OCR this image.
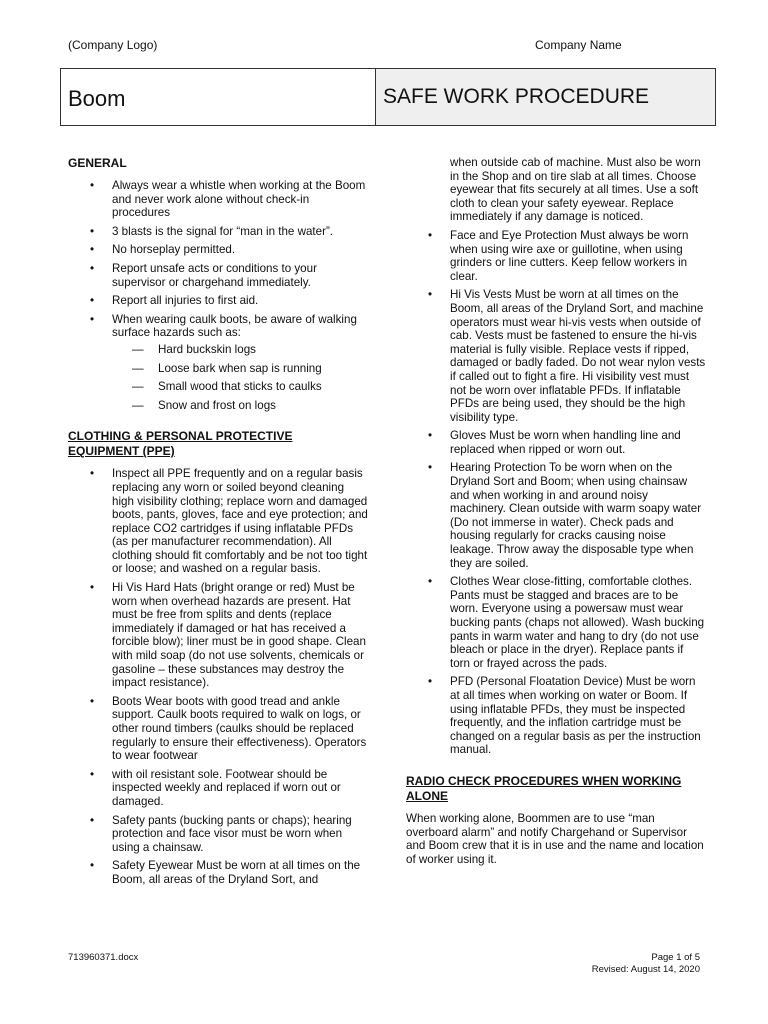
(Company Logo)	Company Name
Boom	SAFE WORK PROCEDURE
GENERAL
• Always wear a whistle when working at the Boom and never work alone without check-in procedures
• 3 blasts is the signal for “man in the water”.
• No horseplay permitted.
• Report unsafe acts or conditions to your supervisor or chargehand immediately.
• Report all injuries to first aid.
• When wearing caulk boots, be aware of walking surface hazards such as:
— Hard buckskin logs
— Loose bark when sap is running
— Small wood that sticks to caulks
— Snow and frost on logs
CLOTHING & PERSONAL PROTECTIVE EQUIPMENT (PPE)
• Inspect all PPE frequently and on a regular basis replacing any worn or soiled beyond cleaning high visibility clothing; replace worn and damaged boots, pants, gloves, face and eye protection; and replace CO2 cartridges if using inflatable PFDs (as per manufacturer recommendation). All clothing should fit comfortably and be not too tight or loose; and washed on a regular basis.
• Hi Vis Hard Hats (bright orange or red) Must be worn when overhead hazards are present. Hat must be free from splits and dents (replace immediately if damaged or hat has received a forcible blow); liner must be in good shape. Clean with mild soap (do not use solvents, chemicals or gasoline – these substances may destroy the impact resistance).
• Boots Wear boots with good tread and ankle support. Caulk boots required to walk on logs, or other round timbers (caulks should be replaced regularly to ensure their effectiveness). Operators to wear footwear
• with oil resistant sole. Footwear should be inspected weekly and replaced if worn out or damaged.
• Safety pants (bucking pants or chaps); hearing protection and face visor must be worn when using a chainsaw.
• Safety Eyewear Must be worn at all times on the Boom, all areas of the Dryland Sort, and
when outside cab of machine. Must also be worn in the Shop and on tire slab at all times. Choose eyewear that fits securely at all times. Use a soft cloth to clean your safety eyewear. Replace immediately if any damage is noticed.
• Face and Eye Protection Must always be worn when using wire axe or guillotine, when using grinders or line cutters. Keep fellow workers in clear.
• Hi Vis Vests Must be worn at all times on the Boom, all areas of the Dryland Sort, and machine operators must wear hi-vis vests when outside of cab. Vests must be fastened to ensure the hi-vis material is fully visible. Replace vests if ripped, damaged or badly faded. Do not wear nylon vests if called out to fight a fire. Hi visibility vest must not be worn over inflatable PFDs. If inflatable PFDs are being used, they should be the high visibility type.
• Gloves Must be worn when handling line and replaced when ripped or worn out.
• Hearing Protection To be worn when on the Dryland Sort and Boom; when using chainsaw and when working in and around noisy machinery. Clean outside with warm soapy water (Do not immerse in water). Check pads and housing regularly for cracks causing noise leakage. Throw away the disposable type when they are soiled.
• Clothes Wear close-fitting, comfortable clothes. Pants must be stagged and braces are to be worn. Everyone using a powersaw must wear bucking pants (chaps not allowed). Wash bucking pants in warm water and hang to dry (do not use bleach or place in the dryer). Replace pants if torn or frayed across the pads.
• PFD (Personal Floatation Device) Must be worn at all times when working on water or Boom. If using inflatable PFDs, they must be inspected frequently, and the inflation cartridge must be changed on a regular basis as per the instruction manual.
RADIO CHECK PROCEDURES WHEN WORKING ALONE

When working alone, Boommen are to use “man overboard alarm” and notify Chargehand or Supervisor and Boom crew that it is in use and the name and location of worker using it.

713960371.docx	Page 1 of 5
Revised: August 14, 2020
